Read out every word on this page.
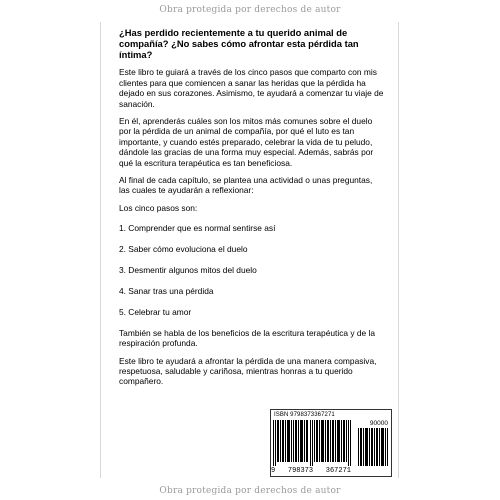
Obra protegida por derechos de autor

¿Has perdido recientemente a tu querido animal de compañía? ¿No sabes cómo afrontar esta pérdida tan íntima?

Este libro te guiará a través de los cinco pasos que comparto con mis clientes para que comiencen a sanar las heridas que la pérdida ha dejado en sus corazones. Asimismo, te ayudará a comenzar tu viaje de sanación.

En él, aprenderás cuáles son los mitos más comunes sobre el duelo por la pérdida de un animal de compañía, por qué el luto es tan importante, y cuando estés preparado, celebrar la vida de tu peludo, dándole las gracias de una forma muy especial. Además, sabrás por qué la escritura terapéutica es tan beneficiosa.

Al final de cada capítulo, se plantea una actividad o unas preguntas, las cuales te ayudarán a reflexionar:

Los cinco pasos son:

1. Comprender que es normal sentirse así

2. Saber cómo evoluciona el duelo

3. Desmentir algunos mitos del duelo

4. Sanar tras una pérdida

5. Celebrar tu amor

También se habla de los beneficios de la escritura terapéutica y de la respiración profunda.

Este libro te ayudará a afrontar la pérdida de una manera compasiva, respetuosa, saludable y cariñosa, mientras honras a tu querido compañero.

ISBN 9798373367271
90000
9 798373 367271
Obra protegida por derechos de autor
